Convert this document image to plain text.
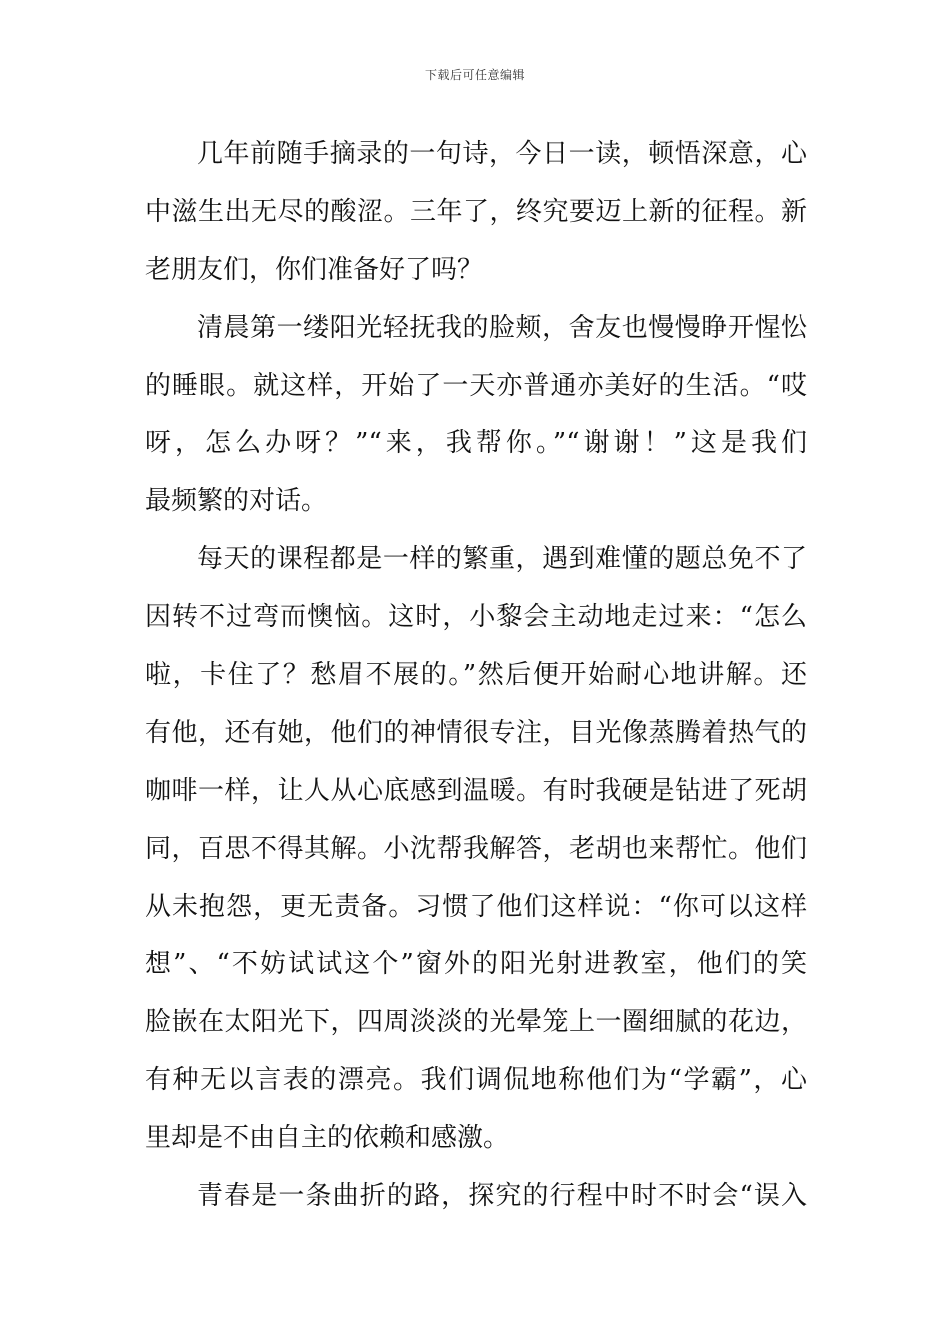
下载后可任意编辑
几年前随手摘录的一句诗，今日一读，顿悟深意，心
中滋生出无尽的酸涩。三年了，终究要迈上新的征程。新
老朋友们，你们准备好了吗？
清晨第一缕阳光轻抚我的脸颊，舍友也慢慢睁开惺忪
的睡眼。就这样，开始了一天亦普通亦美好的生活。“哎
呀，怎么办呀？”“来，我帮你。”“谢谢！”这是我们
最频繁的对话。
每天的课程都是一样的繁重，遇到难懂的题总免不了
因转不过弯而懊恼。这时，小黎会主动地走过来：“怎么
啦，卡住了？愁眉不展的。”然后便开始耐心地讲解。还
有他，还有她，他们的神情很专注，目光像蒸腾着热气的
咖啡一样，让人从心底感到温暖。有时我硬是钻进了死胡
同，百思不得其解。小沈帮我解答，老胡也来帮忙。他们
从未抱怨，更无责备。习惯了他们这样说：“你可以这样
想”、“不妨试试这个”窗外的阳光射进教室，他们的笑
脸嵌在太阳光下，四周淡淡的光晕笼上一圈细腻的花边，
有种无以言表的漂亮。我们调侃地称他们为“学霸”，心
里却是不由自主的依赖和感激。
青春是一条曲折的路，探究的行程中时不时会“误入
